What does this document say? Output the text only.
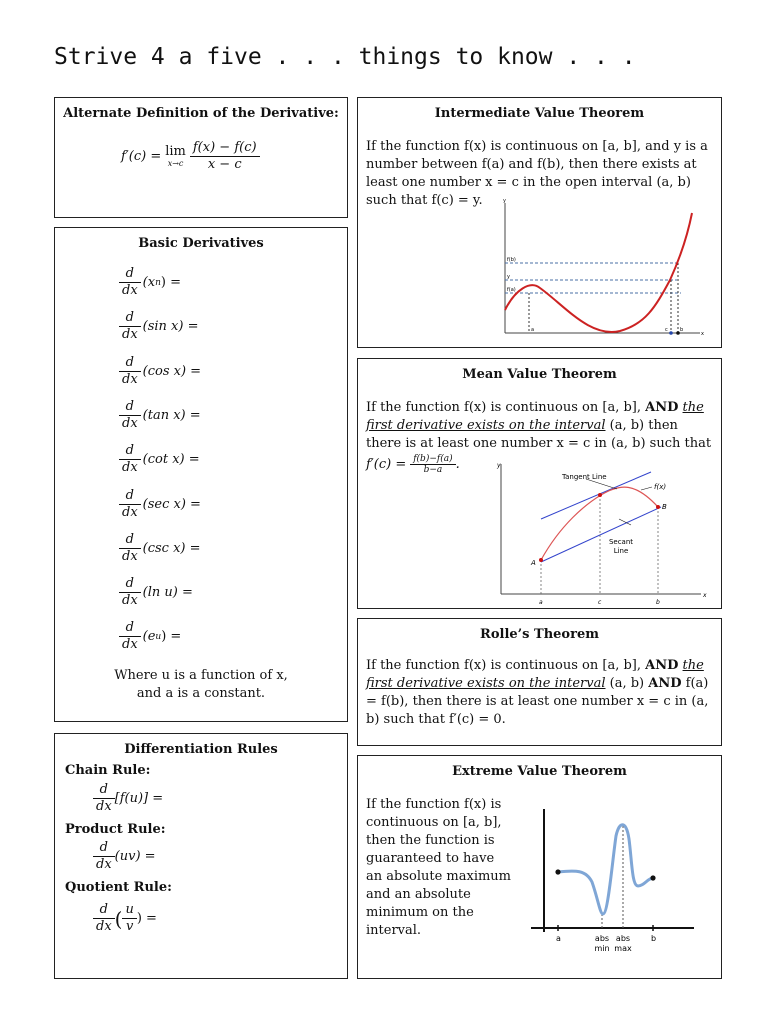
Strive 4 a five . . . things to know . . .
Alternate Definition of the Derivative:
f′(c) = lim
$x\to c \frac{f(x) - f(c)}{x - c}$
Basic Derivatives
$\frac{d}{dx} (x$ n ) =
$\frac{d}{dx} (\sin$ x) =
$\frac{d}{dx} (\cos$ x) =
$\frac{d}{dx} (\tan$ x) =
$\frac{d}{dx} (\cot$ x) =
$\frac{d}{dx} (\sec$ x) =
$\frac{d}{dx} (\csc$ x) =
$\frac{d}{dx} (\ln$ u) =
$\frac{d}{dx} (e$ u ) =
Where u is a function of x,
and a is a constant.
Differentiation Rules
Chain Rule:
$\frac{d}{dx} [f(u)]$ =
Product Rule:
$\frac{d}{dx} (uv)$ =
Quotient Rule:
$\frac{d}{dx}$ ( $\frac{u}{v}$ ) =
Intermediate Value Theorem
If the function f(x) is continuous on [a, b], and y is a number between f(a) and f(b), then there exists at least one number x = c in the open interval (a, b) such that f(c) = y.	y
f(b)
y
f(a)
a	c b
x
Mean Value Theorem
If the function f(x) is continuous on [a, b], AND the first derivative exists on the interval (a, b) then there is at least one number x = c in (a, b) such that
$f'(c) = \frac{f(b)-f(a)}{b-a}$ .	y
Tangent Line
f(x)
B
Secant
Line
A
a	c	b
x
Rolle’s Theorem
If the function f(x) is continuous on [a, b], AND the first derivative exists on the interval (a, b) AND f(a) = f(b), then there is at least one number x = c in (a, b) such that f′(c) = 0.
Extreme Value Theorem
If the function f(x) is continuous on [a, b], then the function is guaranteed to have an absolute maximum and an absolute minimum on the interval.
a	abs
min
abs
max
b
